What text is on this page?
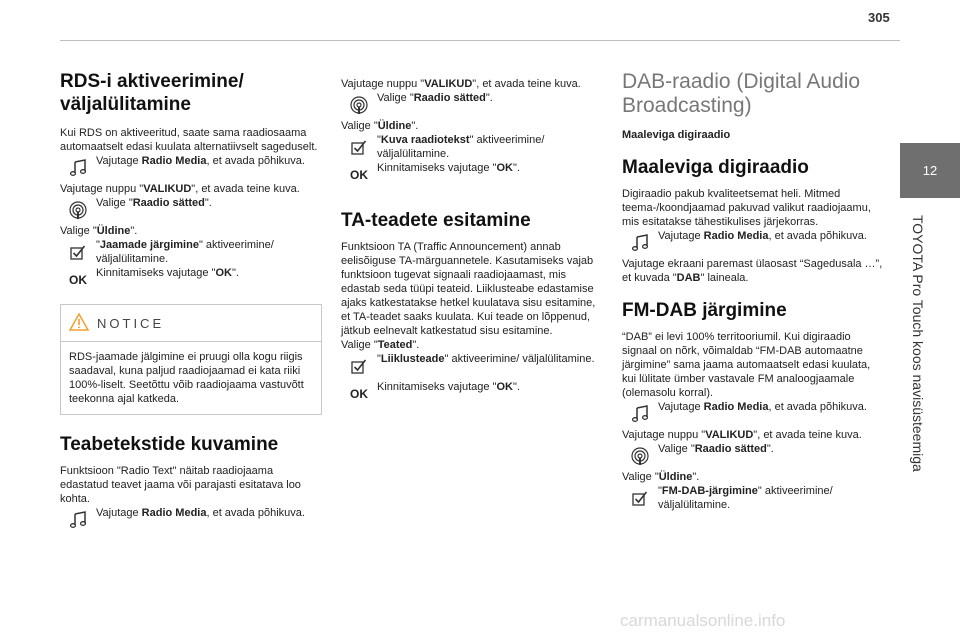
305
12
TOYOTA Pro Touch koos navisüsteemiga
RDS-i aktiveerimine/ väljalülitamine

Kui RDS on aktiveeritud, saate sama raadiosaama automaatselt edasi kuulata alternatiivselt sageduselt.

Vajutage Radio Media, et avada põhikuva.

Vajutage nuppu "VALIKUD", et avada teine kuva.

Valige "Raadio sätted".

Valige "Üldine".

"Jaamade järgimine" aktiveerimine/ väljalülitamine.

OK Kinnitamiseks vajutage "OK".

NOTICE
RDS-jaamade jälgimine ei pruugi olla kogu riigis saadaval, kuna paljud raadiojaamad ei kata riiki 100%-liselt. Seetõttu võib raadiojaama vastuvõtt teekonna ajal katkeda.
Teabetekstide kuvamine

Funktsioon "Radio Text" näitab raadiojaama edastatud teavet jaama või parajasti esitatava loo kohta.

Vajutage Radio Media, et avada põhikuva.

Vajutage nuppu "VALIKUD", et avada teine kuva.

Valige "Raadio sätted".

Valige "Üldine".

"Kuva raadiotekst" aktiveerimine/ väljalülitamine.

OK Kinnitamiseks vajutage "OK".

TA-teadete esitamine

Funktsioon TA (Traffic Announcement) annab eelisõiguse TA-märguannetele. Kasutamiseks vajab funktsioon tugevat signaali raadiojaamast, mis edastab seda tüüpi teateid. Liiklusteabe edastamise ajaks katkestatakse hetkel kuulatava sisu esitamine, et TA-teadet saaks kuulata. Kui teade on lõppenud, jätkub eelnevalt katkestatud sisu esitamine.

Valige "Teated".

"Liiklusteade" aktiveerimine/ väljalülitamine.

OK Kinnitamiseks vajutage "OK".

DAB-raadio (Digital Audio Broadcasting)

Maaleviga digiraadio

Maaleviga digiraadio

Digiraadio pakub kvaliteetsemat heli. Mitmed teema-/koondjaamad pakuvad valikut raadiojaamu, mis esitatakse tähestikulises järjekorras.

Vajutage Radio Media, et avada põhikuva.

Vajutage ekraani paremast ülaosast “Sagedusala …”, et kuvada "DAB" laineala.

FM-DAB järgimine

“DAB” ei levi 100% territooriumil. Kui digiraadio signaal on nõrk, võimaldab “FM-DAB automaatne järgimine” sama jaama automaatselt edasi kuulata, kui lülitate ümber vastavale FM analoogjaamale (olemasolu korral).

Vajutage Radio Media, et avada põhikuva.

Vajutage nuppu "VALIKUD", et avada teine kuva.

Valige "Raadio sätted".

Valige "Üldine".

"FM-DAB-järgimine" aktiveerimine/ väljalülitamine.

carmanualsonline.info
